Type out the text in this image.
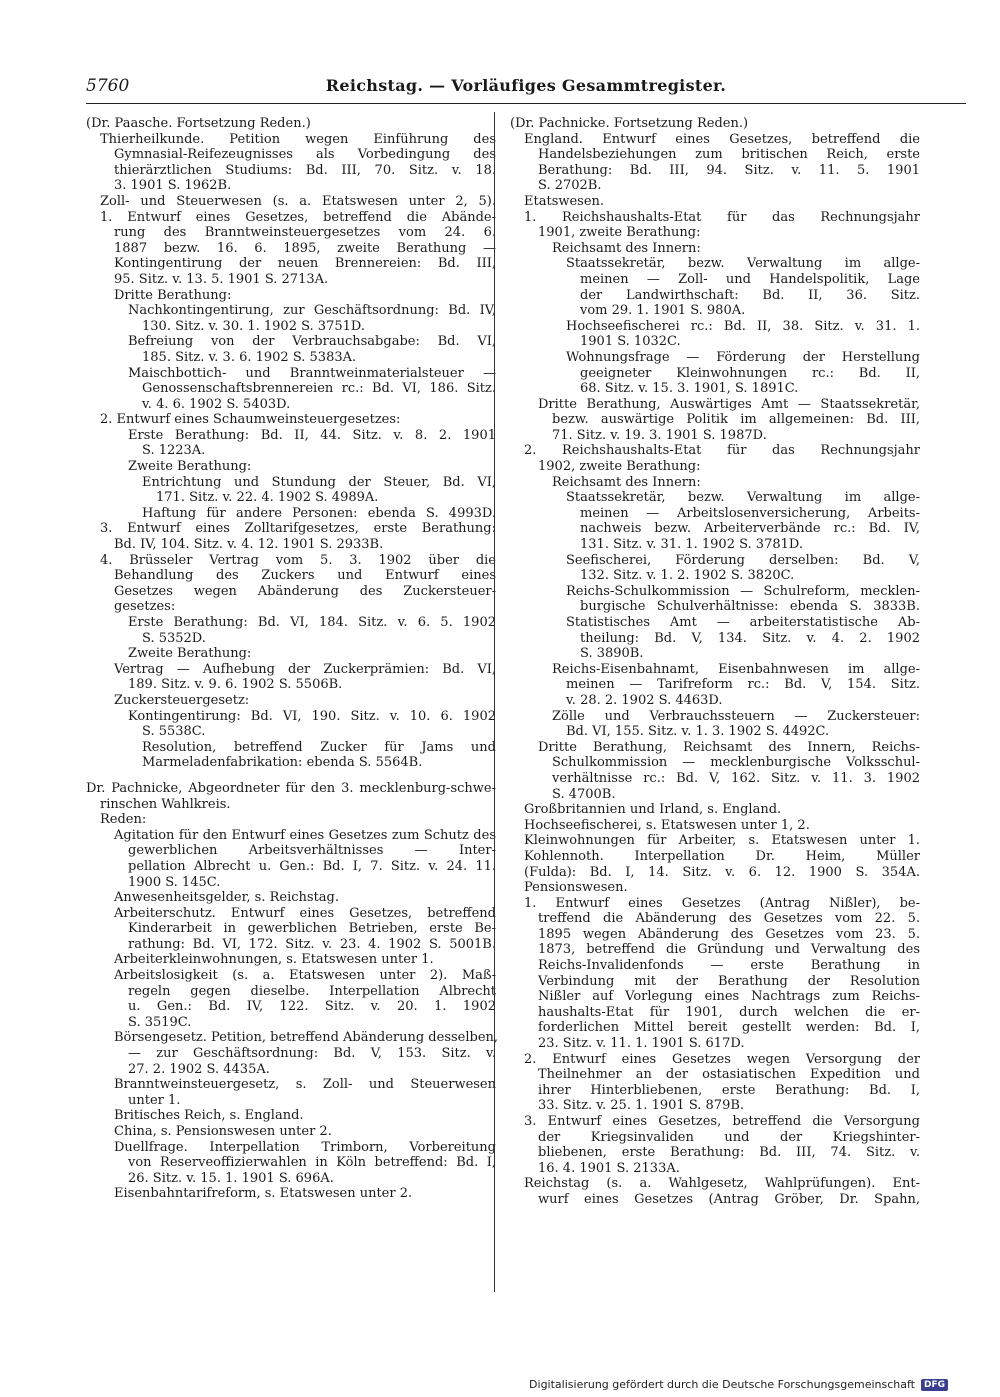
5760	Reichstag. — Vorläufiges Gesammtregister.
(Dr. Paasche. Fortsetzung Reden.)
Thierheilkunde. Petition wegen Einführung des
Gymnasial-Reifezeugnisses als Vorbedingung des
thierärztlichen Studiums: Bd. III, 70. Sitz. v. 18.
3. 1901 S. 1962B.
Zoll- und Steuerwesen (s. a. Etatswesen unter 2, 5).
1. Entwurf eines Gesetzes, betreffend die Abände-
rung des Branntweinsteuergesetzes vom 24. 6.
1887 bezw. 16. 6. 1895, zweite Berathung —
Kontingentirung der neuen Brennereien: Bd. III,
95. Sitz. v. 13. 5. 1901 S. 2713A.
Dritte Berathung:
Nachkontingentirung, zur Geschäftsordnung: Bd. IV,
130. Sitz. v. 30. 1. 1902 S. 3751D.
Befreiung von der Verbrauchsabgabe: Bd. VI,
185. Sitz. v. 3. 6. 1902 S. 5383A.
Maischbottich- und Branntweinmaterialsteuer —
Genossenschaftsbrennereien rc.: Bd. VI, 186. Sitz.
v. 4. 6. 1902 S. 5403D.
2. Entwurf eines Schaumweinsteuergesetzes:
Erste Berathung: Bd. II, 44. Sitz. v. 8. 2. 1901
S. 1223A.
Zweite Berathung:
Entrichtung und Stundung der Steuer, Bd. VI,
171. Sitz. v. 22. 4. 1902 S. 4989A.
Haftung für andere Personen: ebenda S. 4993D.
3. Entwurf eines Zolltarifgesetzes, erste Berathung:
Bd. IV, 104. Sitz. v. 4. 12. 1901 S. 2933B.
4. Brüsseler Vertrag vom 5. 3. 1902 über die
Behandlung des Zuckers und Entwurf eines
Gesetzes wegen Abänderung des Zuckersteuer-
gesetzes:
Erste Berathung: Bd. VI, 184. Sitz. v. 6. 5. 1902
S. 5352D.
Zweite Berathung:
Vertrag — Aufhebung der Zuckerprämien: Bd. VI,
189. Sitz. v. 9. 6. 1902 S. 5506B.
Zuckersteuergesetz:
Kontingentirung: Bd. VI, 190. Sitz. v. 10. 6. 1902
S. 5538C.
Resolution, betreffend Zucker für Jams und
Marmeladenfabrikation: ebenda S. 5564B.
Dr. Pachnicke, Abgeordneter für den 3. mecklenburg-schwe-
rinschen Wahlkreis.
Reden:
Agitation für den Entwurf eines Gesetzes zum Schutz des
gewerblichen Arbeitsverhältnisses — Inter-
pellation Albrecht u. Gen.: Bd. I, 7. Sitz. v. 24. 11.
1900 S. 145C.
Anwesenheitsgelder, s. Reichstag.
Arbeiterschutz. Entwurf eines Gesetzes, betreffend
Kinderarbeit in gewerblichen Betrieben, erste Be-
rathung: Bd. VI, 172. Sitz. v. 23. 4. 1902 S. 5001B.
Arbeiterkleinwohnungen, s. Etatswesen unter 1.
Arbeitslosigkeit (s. a. Etatswesen unter 2). Maß-
regeln gegen dieselbe. Interpellation Albrecht
u. Gen.: Bd. IV, 122. Sitz. v. 20. 1. 1902
S. 3519C.
Börsengesetz. Petition, betreffend Abänderung desselben,
— zur Geschäftsordnung: Bd. V, 153. Sitz. v.
27. 2. 1902 S. 4435A.
Branntweinsteuergesetz, s. Zoll- und Steuerwesen
unter 1.
Britisches Reich, s. England.
China, s. Pensionswesen unter 2.
Duellfrage. Interpellation Trimborn, Vorbereitung
von Reserveoffizierwahlen in Köln betreffend: Bd. I,
26. Sitz. v. 15. 1. 1901 S. 696A.
Eisenbahntarifreform, s. Etatswesen unter 2.
(Dr. Pachnicke. Fortsetzung Reden.)
England. Entwurf eines Gesetzes, betreffend die
Handelsbeziehungen zum britischen Reich, erste
Berathung: Bd. III, 94. Sitz. v. 11. 5. 1901
S. 2702B.
Etatswesen.
1. Reichshaushalts-Etat für das Rechnungsjahr
1901, zweite Berathung:
Reichsamt des Innern:
Staatssekretär, bezw. Verwaltung im allge-
meinen — Zoll- und Handelspolitik, Lage
der Landwirthschaft: Bd. II, 36. Sitz.
vom 29. 1. 1901 S. 980A.
Hochseefischerei rc.: Bd. II, 38. Sitz. v. 31. 1.
1901 S. 1032C.
Wohnungsfrage — Förderung der Herstellung
geeigneter Kleinwohnungen rc.: Bd. II,
68. Sitz. v. 15. 3. 1901, S. 1891C.
Dritte Berathung, Auswärtiges Amt — Staatssekretär,
bezw. auswärtige Politik im allgemeinen: Bd. III,
71. Sitz. v. 19. 3. 1901 S. 1987D.
2. Reichshaushalts-Etat für das Rechnungsjahr
1902, zweite Berathung:
Reichsamt des Innern:
Staatssekretär, bezw. Verwaltung im allge-
meinen — Arbeitslosenversicherung, Arbeits-
nachweis bezw. Arbeiterverbände rc.: Bd. IV,
131. Sitz. v. 31. 1. 1902 S. 3781D.
Seefischerei, Förderung derselben: Bd. V,
132. Sitz. v. 1. 2. 1902 S. 3820C.
Reichs-Schulkommission — Schulreform, mecklen-
burgische Schulverhältnisse: ebenda S. 3833B.
Statistisches Amt — arbeiterstatistische Ab-
theilung: Bd. V, 134. Sitz. v. 4. 2. 1902
S. 3890B.
Reichs-Eisenbahnamt, Eisenbahnwesen im allge-
meinen — Tarifreform rc.: Bd. V, 154. Sitz.
v. 28. 2. 1902 S. 4463D.
Zölle und Verbrauchssteuern — Zuckersteuer:
Bd. VI, 155. Sitz. v. 1. 3. 1902 S. 4492C.
Dritte Berathung, Reichsamt des Innern, Reichs-
Schulkommission — mecklenburgische Volksschul-
verhältnisse rc.: Bd. V, 162. Sitz. v. 11. 3. 1902
S. 4700B.
Großbritannien und Irland, s. England.
Hochseefischerei, s. Etatswesen unter 1, 2.
Kleinwohnungen für Arbeiter, s. Etatswesen unter 1.
Kohlennoth. Interpellation Dr. Heim, Müller
(Fulda): Bd. I, 14. Sitz. v. 6. 12. 1900 S. 354A.
Pensionswesen.
1. Entwurf eines Gesetzes (Antrag Nißler), be-
treffend die Abänderung des Gesetzes vom 22. 5.
1895 wegen Abänderung des Gesetzes vom 23. 5.
1873, betreffend die Gründung und Verwaltung des
Reichs-Invalidenfonds — erste Berathung in
Verbindung mit der Berathung der Resolution
Nißler auf Vorlegung eines Nachtrags zum Reichs-
haushalts-Etat für 1901, durch welchen die er-
forderlichen Mittel bereit gestellt werden: Bd. I,
23. Sitz. v. 11. 1. 1901 S. 617D.
2. Entwurf eines Gesetzes wegen Versorgung der
Theilnehmer an der ostasiatischen Expedition und
ihrer Hinterbliebenen, erste Berathung: Bd. I,
33. Sitz. v. 25. 1. 1901 S. 879B.
3. Entwurf eines Gesetzes, betreffend die Versorgung
der Kriegsinvaliden und der Kriegshinter-
bliebenen, erste Berathung: Bd. III, 74. Sitz. v.
16. 4. 1901 S. 2133A.
Reichstag (s. a. Wahlgesetz, Wahlprüfungen). Ent-
wurf eines Gesetzes (Antrag Gröber, Dr. Spahn,
Digitalisierung gefördert durch die Deutsche Forschungsgemeinschaft	DFG
